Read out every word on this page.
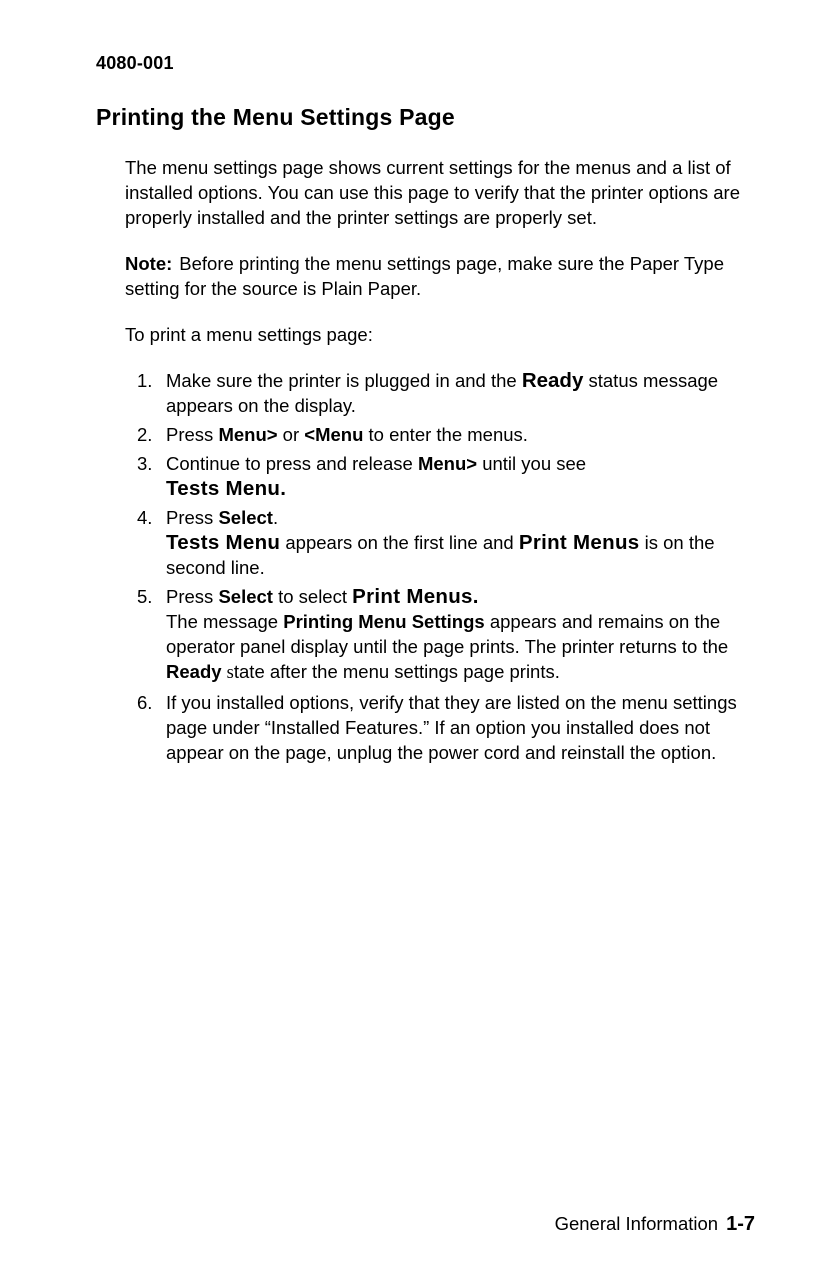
4080-001
Printing the Menu Settings Page

The menu settings page shows current settings for the menus and a list of installed options. You can use this page to verify that the printer options are properly installed and the printer settings are properly set.

Note: Before printing the menu settings page, make sure the Paper Type setting for the source is Plain Paper.

To print a menu settings page:

1. Make sure the printer is plugged in and the Ready status message appears on the display.
2. Press Menu> or <Menu to enter the menus.
3. Continue to press and release Menu> until you see
Tests Menu.
4. Press Select.
Tests Menu appears on the first line and Print Menus is on the second line.
5. Press Select to select Print Menus.
The message Printing Menu Settings appears and remains on the operator panel display until the page prints. The printer returns to the Ready state after the menu settings page prints.
6. If you installed options, verify that they are listed on the menu settings page under “Installed Features.” If an option you installed does not appear on the page, unplug the power cord and reinstall the option.
General Information 1-7
